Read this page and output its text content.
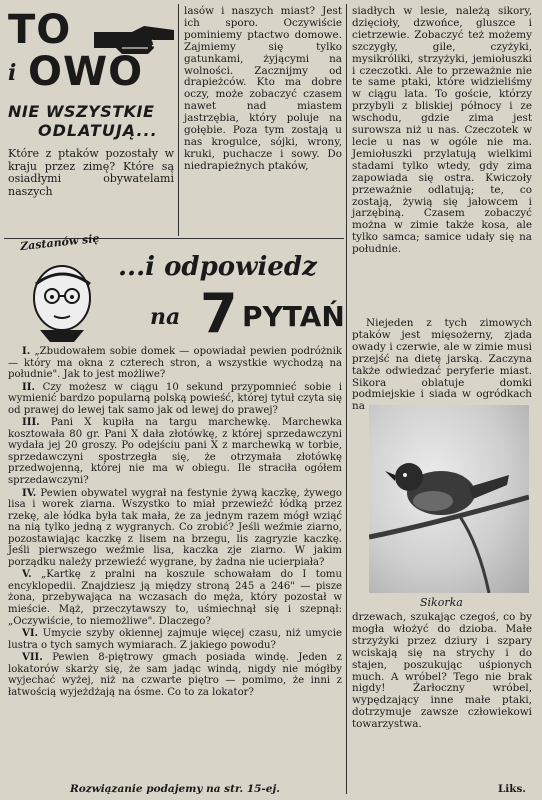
TO
i OWO
NIE WSZYSTKIE
ODLATUJĄ...
Które z ptaków pozostały w kraju przez zimę? Które są osiadłymi obywatelami naszych
lasów i naszych miast? Jest ich sporo. Oczywiście pominiemy ptactwo domowe. Zajmiemy się tylko gatunkami, żyjącymi na wolności. Zacznijmy od drapieżców. Kto ma dobre oczy, może zobaczyć czasem nawet nad miastem jastrzębia, który poluje na gołębie. Poza tym zostają u nas krogulce, sójki, wrony, kruki, puchacze i sowy. Do niedrapieżnych ptaków,
siadłych w lesie, należą sikory, dzięcioły, dzwońce, gluszce i cietrzewie. Zobaczyć też możemy szczygły, gile, czyżyki, mysikróliki, strzyżyki, jemiołuszki i czeczotki. Ale to przeważnie nie te same ptaki, które widzieliśmy w ciągu lata. To goście, którzy przybyli z bliskiej północy i ze wschodu, gdzie zima jest surowsza niż u nas. Czeczotek w lecie u nas w ogóle nie ma. Jemiołuszki przylatują wielkimi stadami tylko wtedy, gdy zima zapowiada się ostra. Kwiczoły przeważnie odlatują; te, co zostają, żywią się jałowcem i jarzębiną. Czasem zobaczyć można w zimie także kosa, ale tylko samca; samice udały się na południe.
Niejeden z tych zimowych ptaków jest mięsożerny, zjada owady i czerwie, ale w zimie musi przejść na dietę jarską. Zaczyna także odwiedzać peryferie miast. Sikora oblatuje domki podmiejskie i siada w ogródkach na
Sikorka
drzewach, szukając czegoś, co by mogła włożyć do dzioba. Małe strzyżyki przez dziury i szpary wciskają się na strychy i do stajen, poszukując uśpionych much. A wróbel? Tego nie brak nigdy! Żarłoczny wróbel, wypędzający inne małe ptaki, dotrzymuje zawsze człowiekowi towarzystwa.
Liks.
Zastanów się
...i odpowiedz
na 7 PYTAŃ

I. „Zbudowałem sobie domek — opowiadał pewien podróżnik — który ma okna z czterech stron, a wszystkie wychodzą na południe". Jak to jest możliwe?

II. Czy możesz w ciągu 10 sekund przypomnieć sobie i wymienić bardzo popularną polską powieść, której tytuł czyta się od prawej do lewej tak samo jak od lewej do prawej?

III. Pani X kupiła na targu marchewkę. Marchewka kosztowała 80 gr. Pani X dała złotówkę, z której sprzedawczyni wydała jej 20 groszy. Po odejściu pani X z marchewką w torbie, sprzedawczyni spostrzegła się, że otrzymała złotówkę przedwojenną, której nie ma w obiegu. Ile straciła ogółem sprzedawczyni?

IV. Pewien obywatel wygrał na festynie żywą kaczkę, żywego lisa i worek ziarna. Wszystko to miał przewieźć łódką przez rzekę, ale łódka była tak mała, że za jednym razem mógł wziąć na nią tylko jedną z wygranych. Co zrobić? Jeśli weźmie ziarno, pozostawiając kaczkę z lisem na brzegu, lis zagryzie kaczkę. Jeśli pierwszego weźmie lisa, kaczka zje ziarno. W jakim porządku należy przewieźć wygrane, by żadna nie ucierpiała?

V. „Kartkę z pralni na koszule schowałam do I tomu encyklopedii. Znajdziesz ją między stroną 245 a 246" — pisze żona, przebywająca na wczasach do męża, który pozostał w mieście. Mąż, przeczytawszy to, uśmiechnął się i szepnął: „Oczywiście, to niemożliwe". Dlaczego?

VI. Umycie szyby okiennej zajmuje więcej czasu, niż umycie lustra o tych samych wymiarach. Z jakiego powodu?

VII. Pewien 8-piętrowy gmach posiada windę. Jeden z lokatorów skarży się, że sam jadąc windą, nigdy nie mógłby wyjechać wyżej, niż na czwarte piętro — pomimo, że inni z łatwością wyjeżdżają na ósme. Co to za lokator?

Rozwiązanie podajemy na str. 15-ej.
